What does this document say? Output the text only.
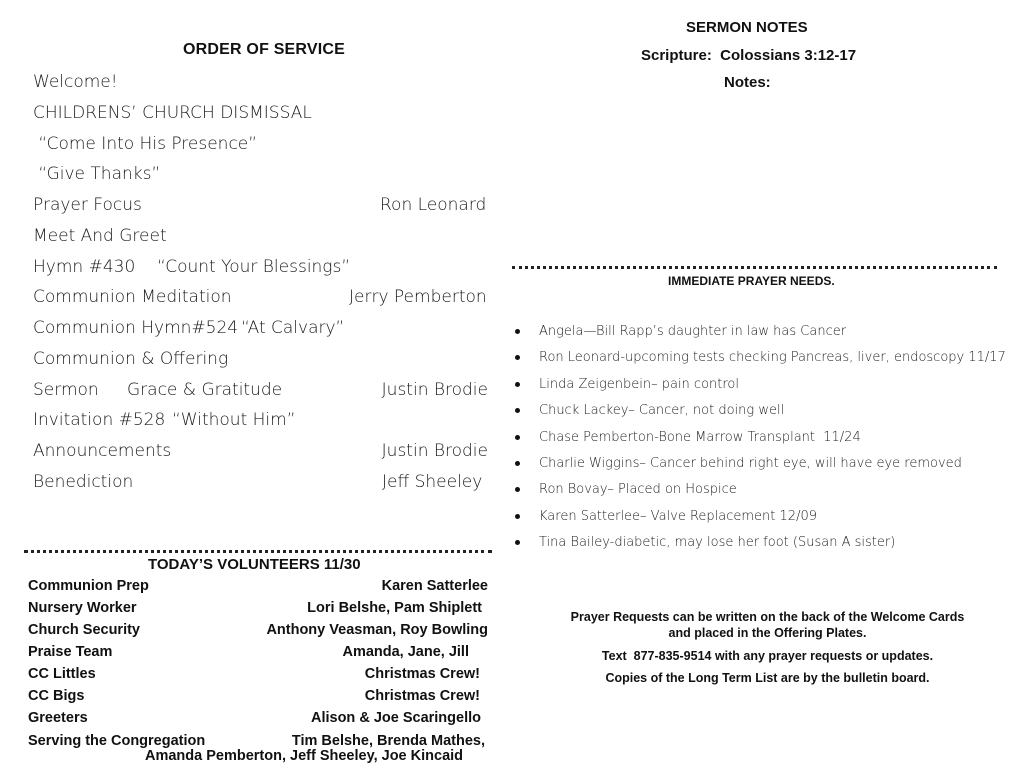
ORDER OF SERVICE
Welcome!
CHILDRENS’ CHURCH DISMISSAL
“Come Into His Presence”
“Give Thanks”
Prayer Focus	Ron Leonard
Meet And Greet
Hymn #430 “Count Your Blessings”
Communion Meditation	Jerry Pemberton
Communion Hymn#524 “At Calvary”
Communion & Offering
Sermon Grace & Gratitude	Justin Brodie
Invitation #528 “Without Him”
Announcements	Justin Brodie
Benediction	Jeff Sheeley
TODAY’S VOLUNTEERS 11/30
Communion Prep	Karen Satterlee
Nursery Worker	Lori Belshe, Pam Shiplett
Church Security	Anthony Veasman, Roy Bowling
Praise Team	Amanda, Jane, Jill
CC Littles	Christmas Crew!
CC Bigs	Christmas Crew!
Greeters	Alison & Joe Scaringello
Serving the Congregation	Tim Belshe, Brenda Mathes,
Amanda Pemberton, Jeff Sheeley, Joe Kincaid
SERMON NOTES
Scripture:  Colossians 3:12-17
Notes:
IMMEDIATE PRAYER NEEDS.
Angela—Bill Rapp’s daughter in law has Cancer
Ron Leonard-upcoming tests checking Pancreas, liver, endoscopy 11/17
Linda Zeigenbein– pain control
Chuck Lackey– Cancer, not doing well
Chase Pemberton-Bone Marrow Transplant  11/24
Charlie Wiggins– Cancer behind right eye, will have eye removed
Ron Bovay– Placed on Hospice
Karen Satterlee– Valve Replacement 12/09
Tina Bailey-diabetic, may lose her foot (Susan A sister)
Prayer Requests can be written on the back of the Welcome Cards
and placed in the Offering Plates.
Text  877-835-9514 with any prayer requests or updates.
Copies of the Long Term List are by the bulletin board.
